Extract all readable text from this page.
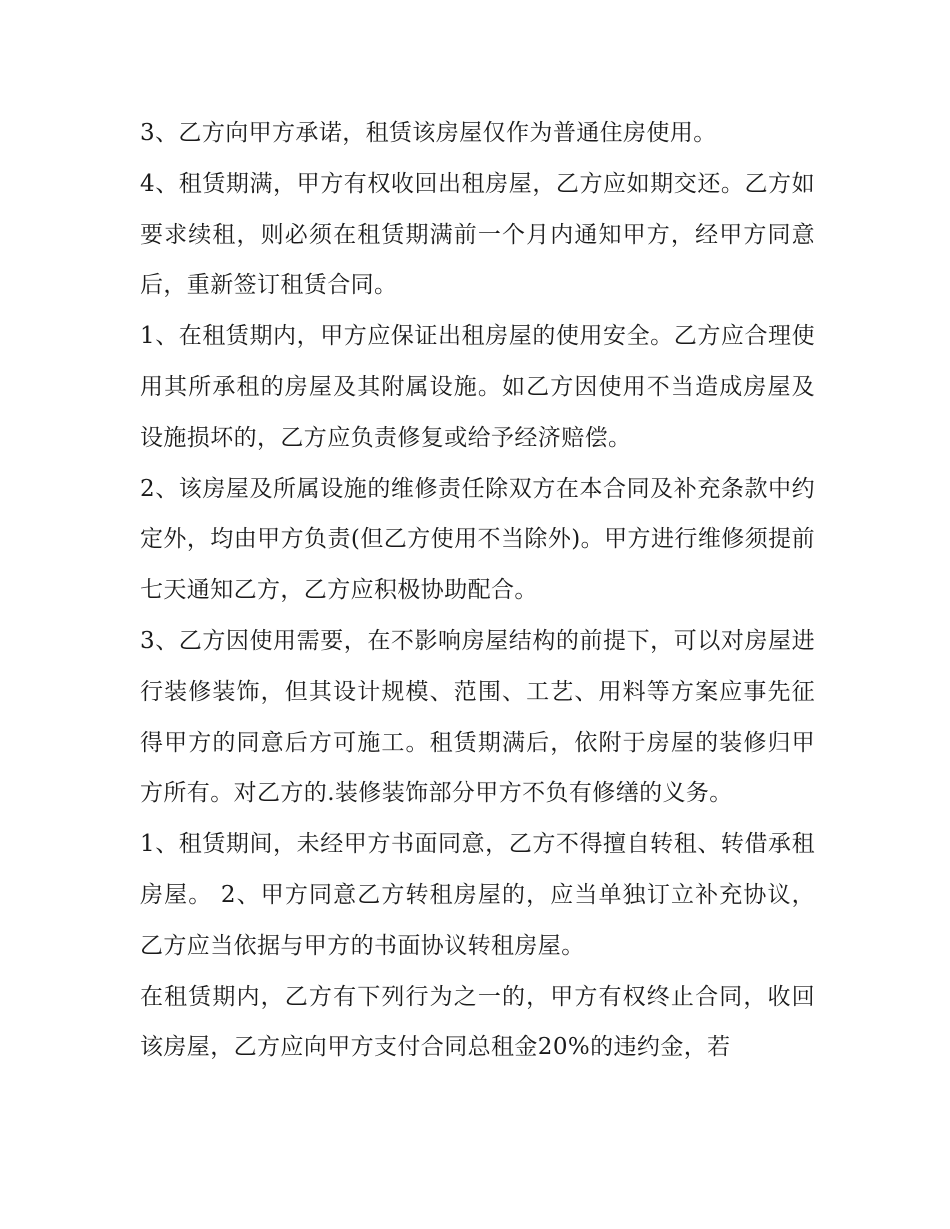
3、乙方向甲方承诺，租赁该房屋仅作为普通住房使用。

4、租赁期满，甲方有权收回出租房屋，乙方应如期交还。乙方如要求续租，则必须在租赁期满前一个月内通知甲方，经甲方同意后，重新签订租赁合同。

1、在租赁期内，甲方应保证出租房屋的使用安全。乙方应合理使用其所承租的房屋及其附属设施。如乙方因使用不当造成房屋及设施损坏的，乙方应负责修复或给予经济赔偿。

2、该房屋及所属设施的维修责任除双方在本合同及补充条款中约定外，均由甲方负责(但乙方使用不当除外)。甲方进行维修须提前七天通知乙方，乙方应积极协助配合。

3、乙方因使用需要，在不影响房屋结构的前提下，可以对房屋进行装修装饰，但其设计规模、范围、工艺、用料等方案应事先征得甲方的同意后方可施工。租赁期满后，依附于房屋的装修归甲方所有。对乙方的.装修装饰部分甲方不负有修缮的义务。

1、租赁期间，未经甲方书面同意，乙方不得擅自转租、转借承租房屋。 2、甲方同意乙方转租房屋的，应当单独订立补充协议，乙方应当依据与甲方的书面协议转租房屋。

在租赁期内，乙方有下列行为之一的，甲方有权终止合同，收回该房屋，乙方应向甲方支付合同总租金20%的违约金，若
